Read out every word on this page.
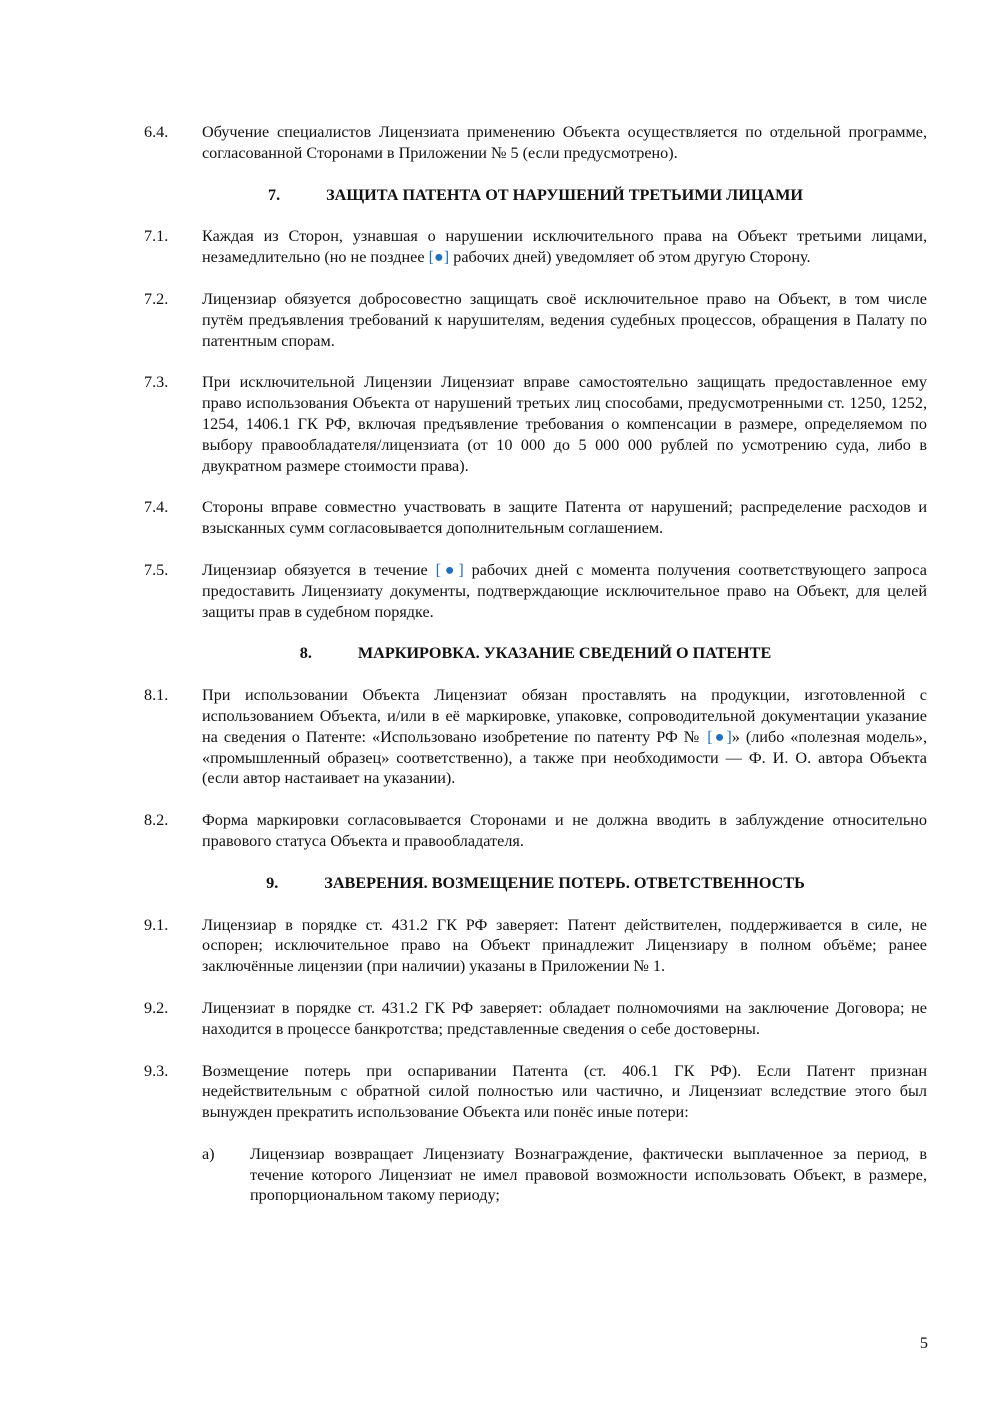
6.4.	Обучение специалистов Лицензиата применению Объекта осуществляется по отдельной программе, согласованной Сторонами в Приложении № 5 (если предусмотрено).
7.	ЗАЩИТА ПАТЕНТА ОТ НАРУШЕНИЙ ТРЕТЬИМИ ЛИЦАМИ
7.1.	Каждая из Сторон, узнавшая о нарушении исключительного права на Объект третьими лицами, незамедлительно (но не позднее [●] рабочих дней) уведомляет об этом другую Сторону.
7.2.	Лицензиар обязуется добросовестно защищать своё исключительное право на Объект, в том числе путём предъявления требований к нарушителям, ведения судебных процессов, обращения в Палату по патентным спорам.
7.3.	При исключительной Лицензии Лицензиат вправе самостоятельно защищать предоставленное ему право использования Объекта от нарушений третьих лиц способами, предусмотренными ст. 1250, 1252, 1254, 1406.1 ГК РФ, включая предъявление требования о компенсации в размере, определяемом по выбору правообладателя/лицензиата (от 10 000 до 5 000 000 рублей по усмотрению суда, либо в двукратном размере стоимости права).
7.4.	Стороны вправе совместно участвовать в защите Патента от нарушений; распределение расходов и взысканных сумм согласовывается дополнительным соглашением.
7.5.	Лицензиар обязуется в течение [●] рабочих дней с момента получения соответствующего запроса предоставить Лицензиату документы, подтверждающие исключительное право на Объект, для целей защиты прав в судебном порядке.
8.	МАРКИРОВКА. УКАЗАНИЕ СВЕДЕНИЙ О ПАТЕНТЕ
8.1.	При использовании Объекта Лицензиат обязан проставлять на продукции, изготовленной с использованием Объекта, и/или в её маркировке, упаковке, сопроводительной документации указание на сведения о Патенте: «Использовано изобретение по патенту РФ № [●]» (либо «полезная модель», «промышленный образец» соответственно), а также при необходимости — Ф. И. О. автора Объекта (если автор настаивает на указании).
8.2.	Форма маркировки согласовывается Сторонами и не должна вводить в заблуждение относительно правового статуса Объекта и правообладателя.
9.	ЗАВЕРЕНИЯ. ВОЗМЕЩЕНИЕ ПОТЕРЬ. ОТВЕТСТВЕННОСТЬ
9.1.	Лицензиар в порядке ст. 431.2 ГК РФ заверяет: Патент действителен, поддерживается в силе, не оспорен; исключительное право на Объект принадлежит Лицензиару в полном объёме; ранее заключённые лицензии (при наличии) указаны в Приложении № 1.
9.2.	Лицензиат в порядке ст. 431.2 ГК РФ заверяет: обладает полномочиями на заключение Договора; не находится в процессе банкротства; представленные сведения о себе достоверны.
9.3.	Возмещение потерь при оспаривании Патента (ст. 406.1 ГК РФ). Если Патент признан недействительным с обратной силой полностью или частично, и Лицензиат вследствие этого был вынужден прекратить использование Объекта или понёс иные потери:
а)	Лицензиар возвращает Лицензиату Вознаграждение, фактически выплаченное за период, в течение которого Лицензиат не имел правовой возможности использовать Объект, в размере, пропорциональном такому периоду;
5
